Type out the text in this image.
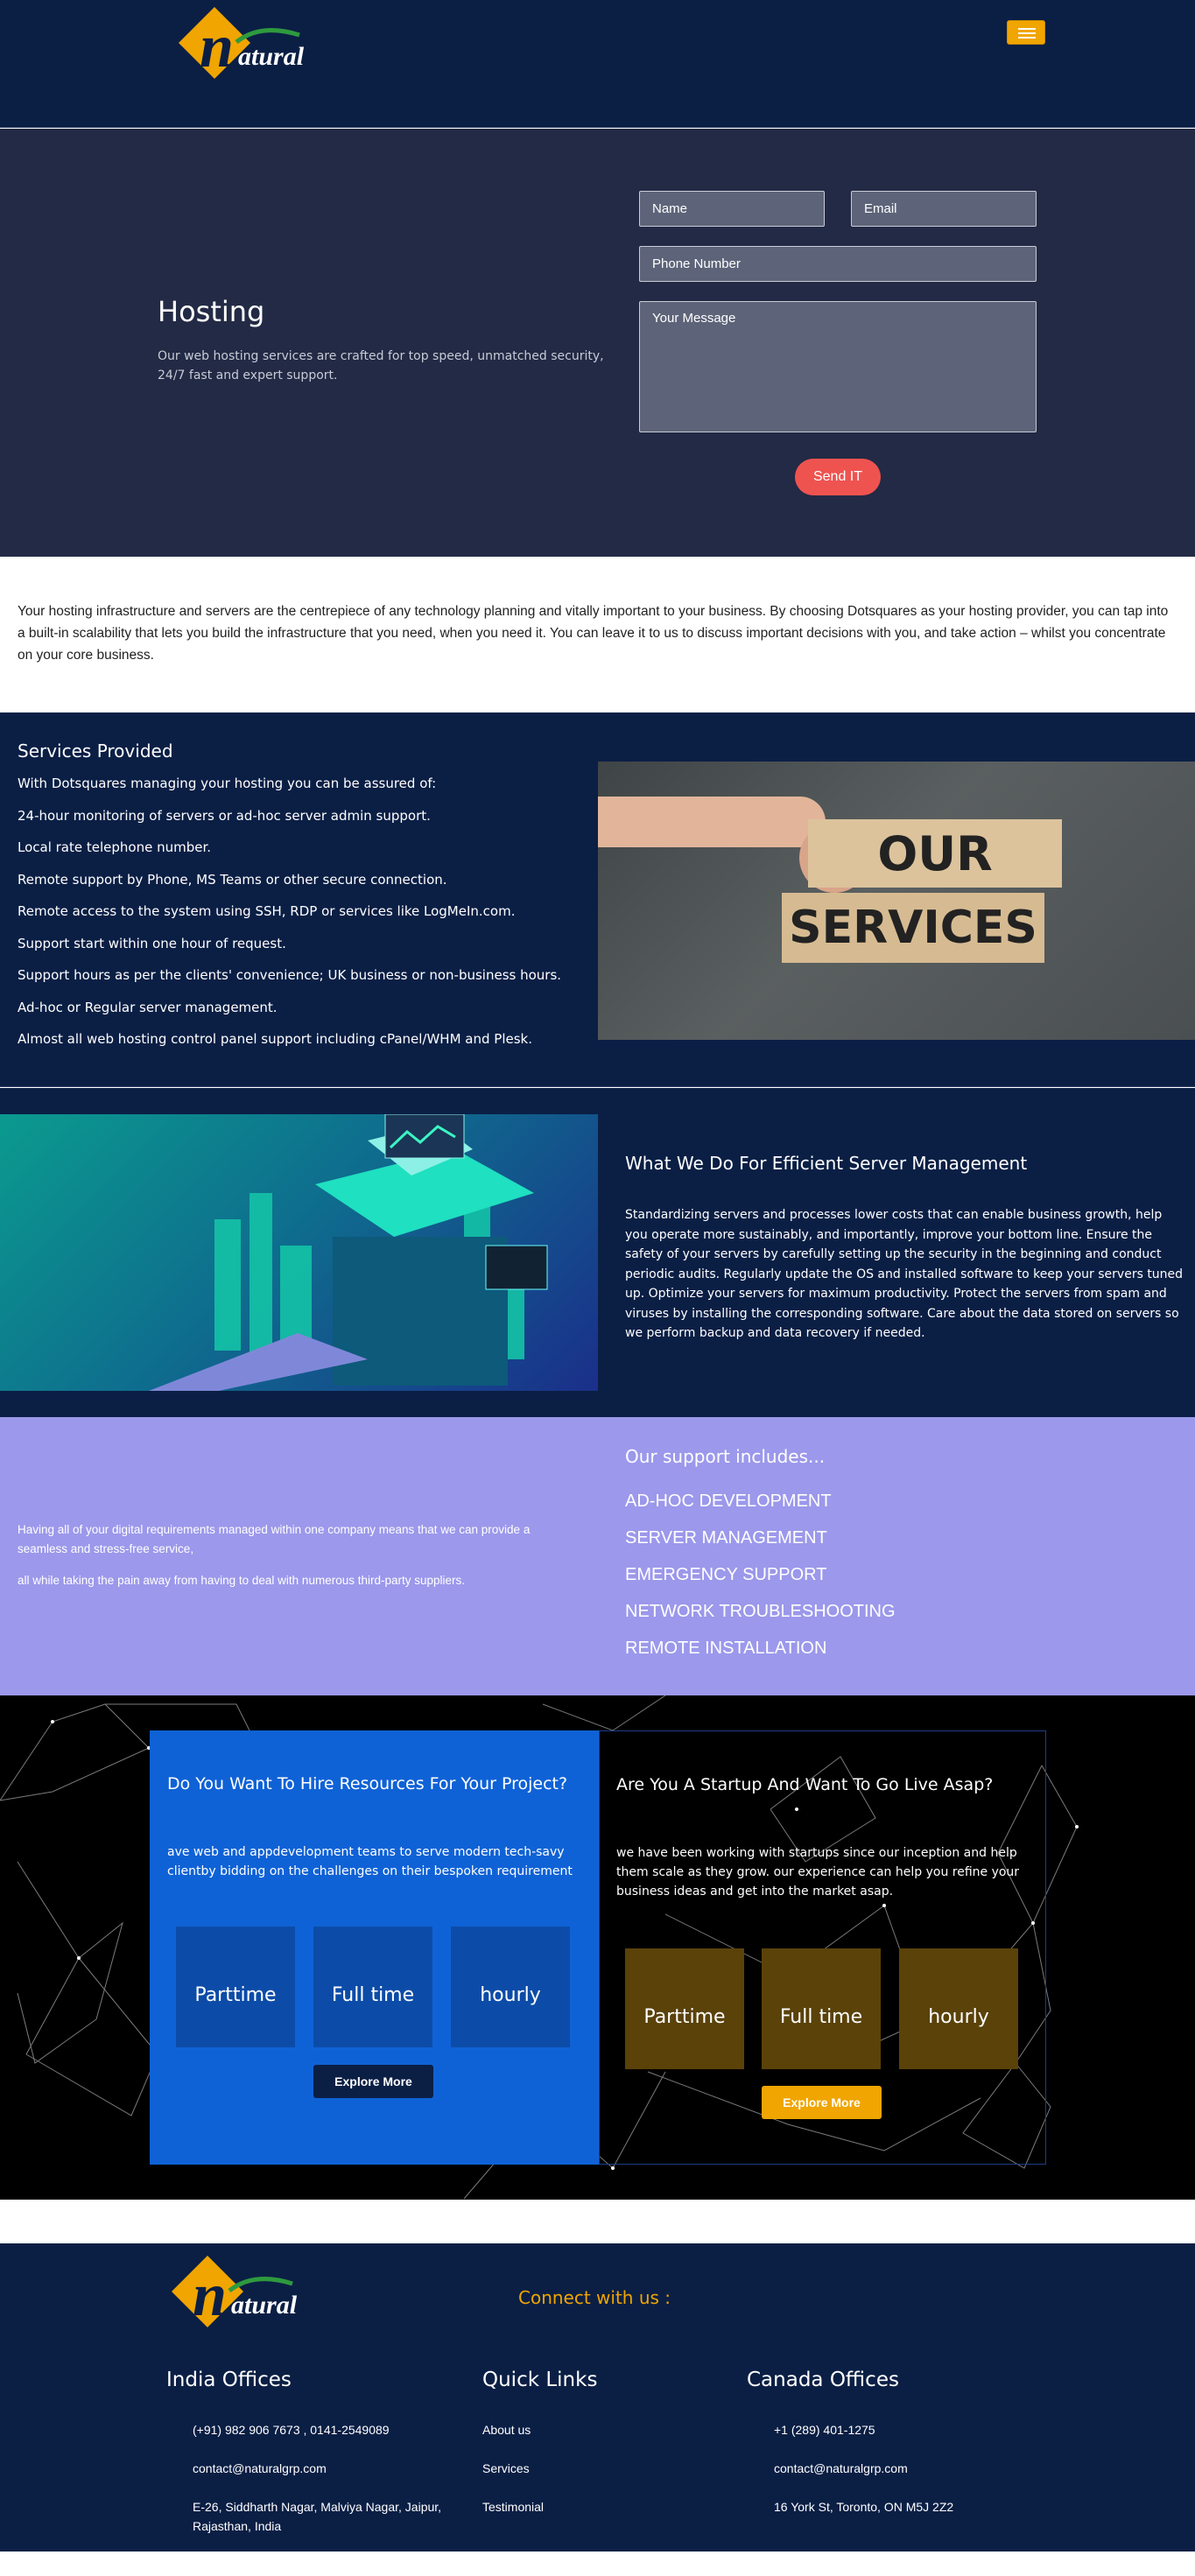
n atural
Hosting
Our web hosting services are crafted for top speed, unmatched security, 24/7 fast and expert support.
Name
Email
Phone Number
Your Message
Send IT
Your hosting infrastructure and servers are the centrepiece of any technology planning and vitally important to your business. By choosing Dotsquares as your hosting provider, you can tap into a built-in scalability that lets you build the infrastructure that you need, when you need it. You can leave it to us to discuss important decisions with you, and take action – whilst you concentrate on your core business.
Services Provided
With Dotsquares managing your hosting you can be assured of:
24-hour monitoring of servers or ad-hoc server admin support.
Local rate telephone number.
Remote support by Phone, MS Teams or other secure connection.
Remote access to the system using SSH, RDP or services like LogMeIn.com.
Support start within one hour of request.
Support hours as per the clients' convenience; UK business or non-business hours.
Ad-hoc or Regular server management.
Almost all web hosting control panel support including cPanel/WHM and Plesk.
OUR
SERVICES
What We Do For Efficient Server Management
Standardizing servers and processes lower costs that can enable business growth, help you operate more sustainably, and importantly, improve your bottom line. Ensure the safety of your servers by carefully setting up the security in the beginning and conduct periodic audits. Regularly update the OS and installed software to keep your servers tuned up. Optimize your servers for maximum productivity. Protect the servers from spam and viruses by installing the corresponding software. Care about the data stored on servers so we perform backup and data recovery if needed.
Having all of your digital requirements managed within one company means that we can provide a seamless and stress-free service,
all while taking the pain away from having to deal with numerous third-party suppliers.
Our support includes...
AD-HOC DEVELOPMENT
SERVER MANAGEMENT
EMERGENCY SUPPORT
NETWORK TROUBLESHOOTING
REMOTE INSTALLATION
Do You Want To Hire Resources For Your Project?
ave web and appdevelopment teams to serve modern tech-savy clientby bidding on the challenges on their bespoken requirement
Parttime	Full time	hourly
Explore More
Are You A Startup And Want To Go Live Asap?
we have been working with startups since our inception and help them scale as they grow. our experience can help you refine your business ideas and get into the market asap.
Parttime	Full time	hourly
Explore More
n atural	Connect with us :
India Offices
(+91) 982 906 7673 , 0141-2549089
contact@naturalgrp.com
E-26, Siddharth Nagar, Malviya Nagar, Jaipur, Rajasthan, India
Quick Links
About us
Services
Testimonial
Canada Offices
+1 (289) 401-1275
contact@naturalgrp.com
16 York St, Toronto, ON M5J 2Z2
